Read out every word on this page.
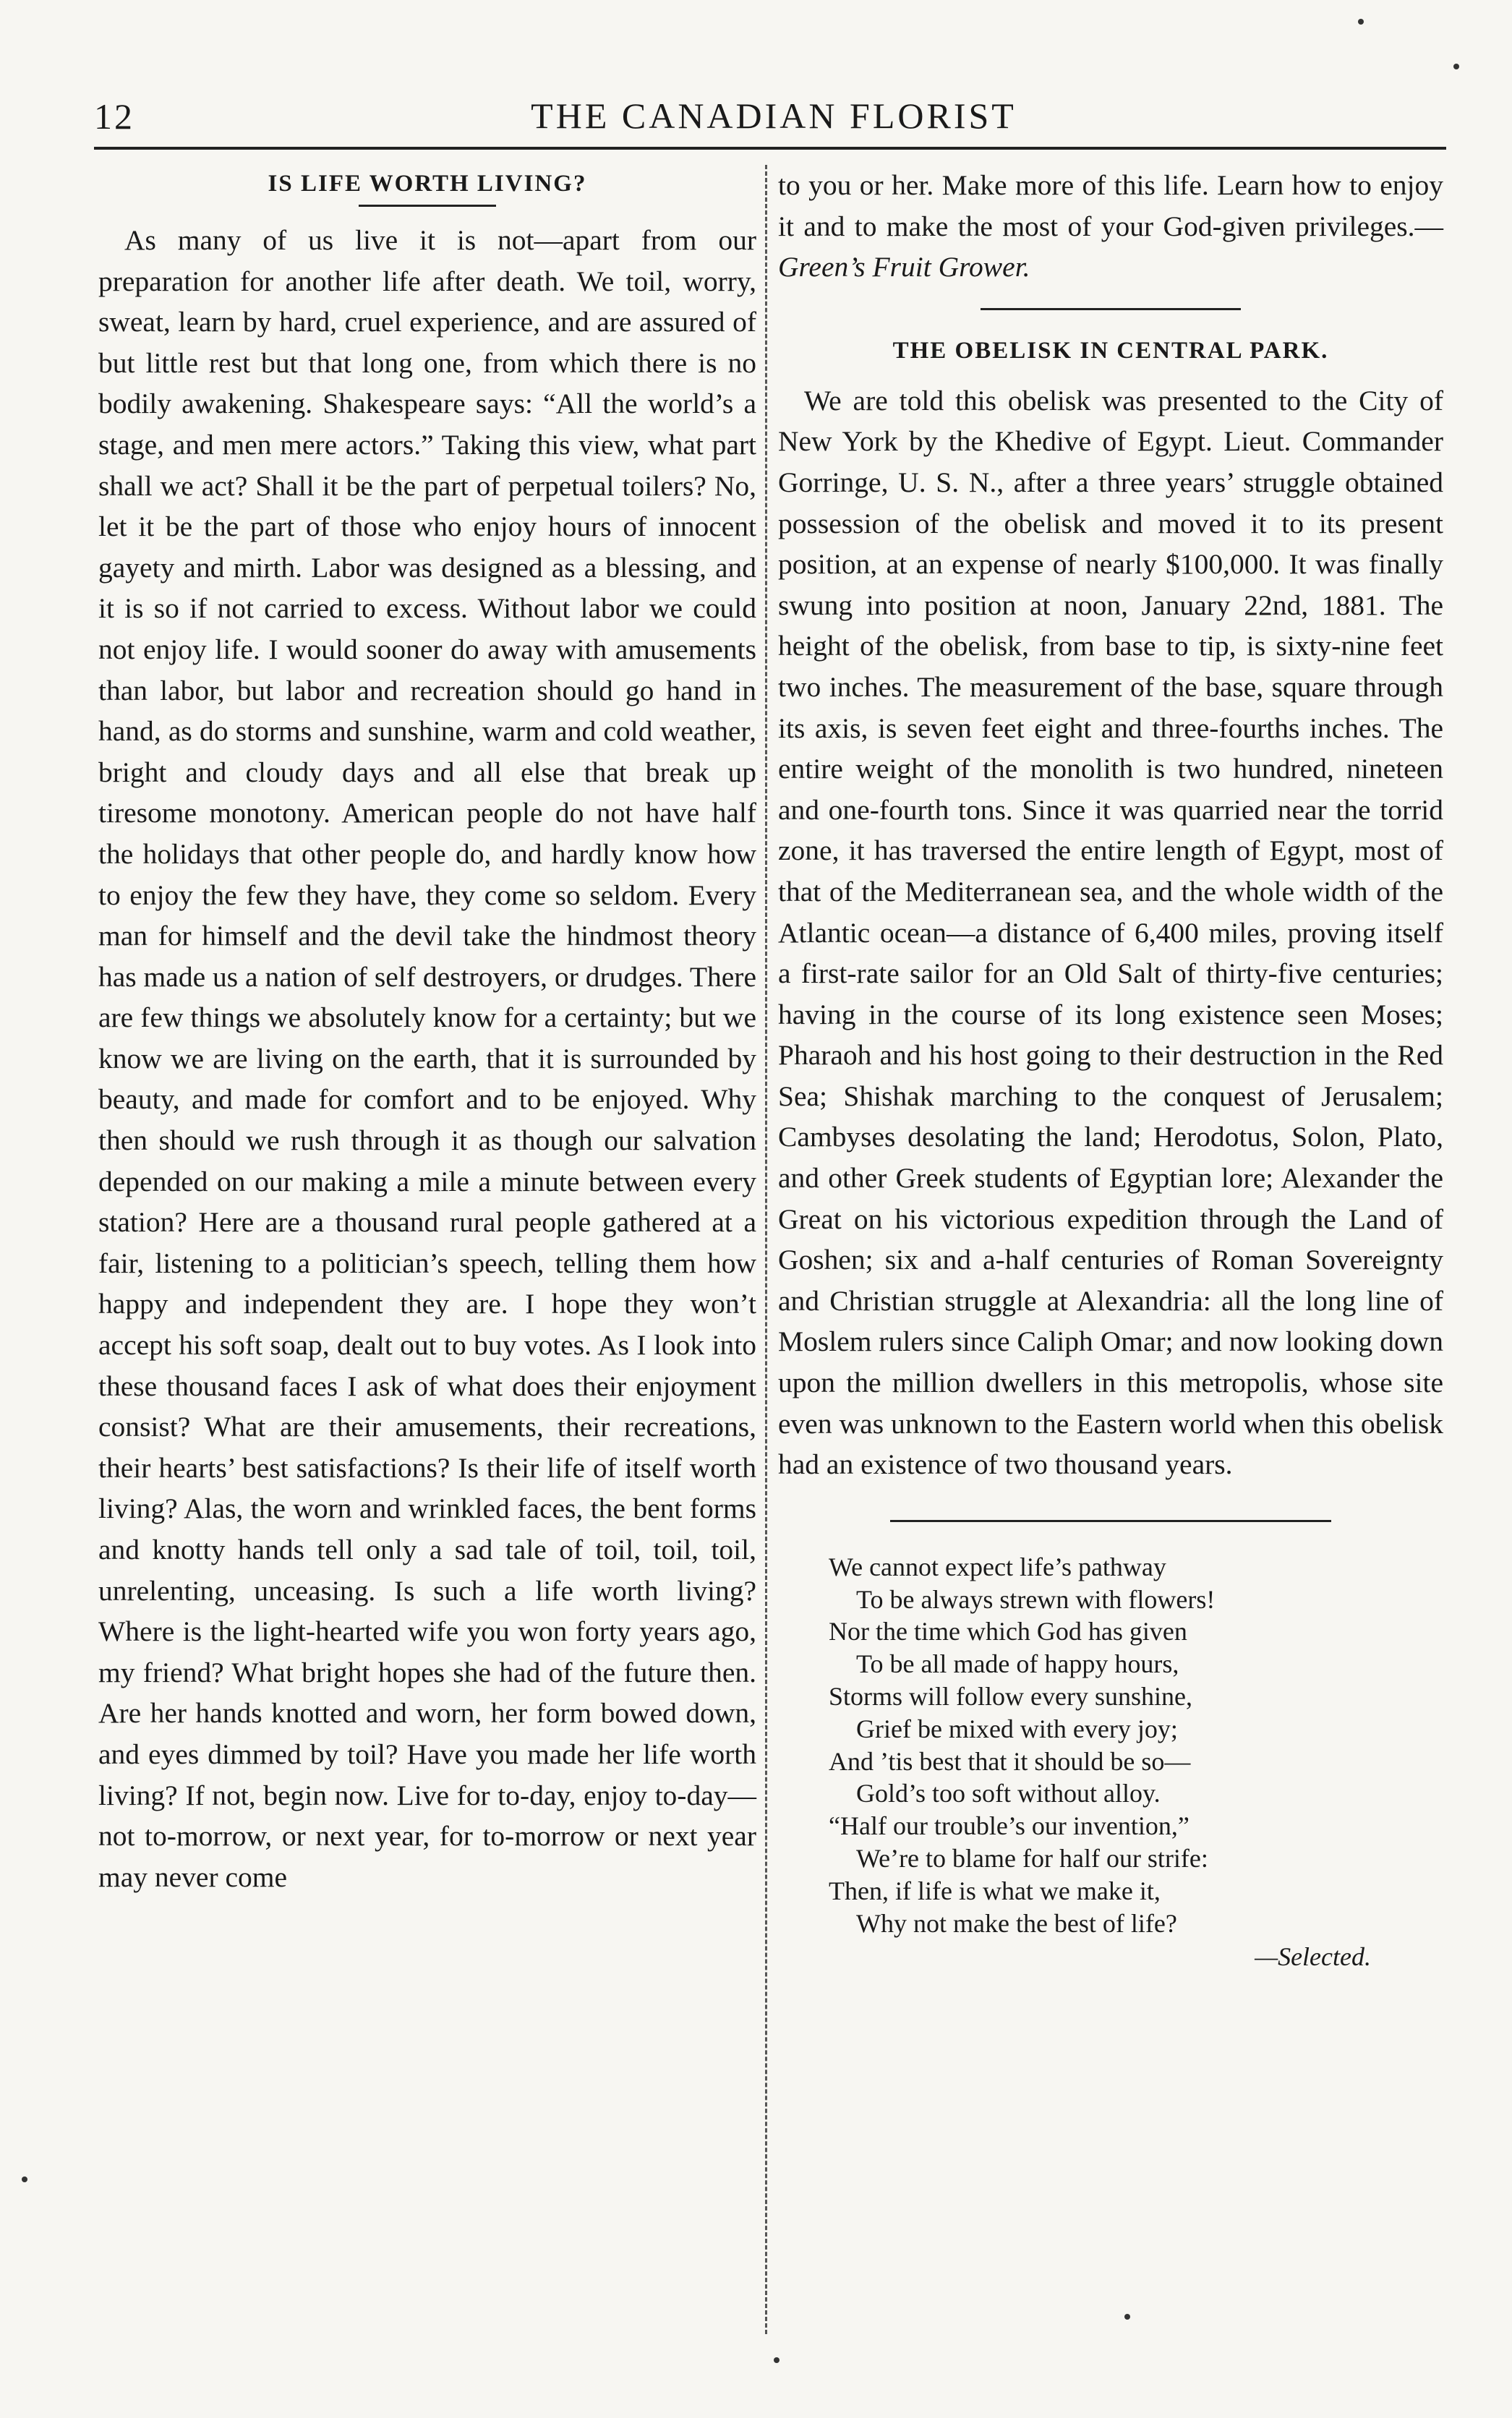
12	THE CANADIAN FLORIST
IS LIFE WORTH LIVING?

As many of us live it is not—apart from our preparation for another life after death. We toil, worry, sweat, learn by hard, cruel experience, and are assured of but little rest but that long one, from which there is no bodily awakening. Shakespeare says: “All the world’s a stage, and men mere actors.” Taking this view, what part shall we act? Shall it be the part of perpetual toilers? No, let it be the part of those who enjoy hours of innocent gayety and mirth. Labor was designed as a blessing, and it is so if not carried to excess. Without labor we could not enjoy life. I would sooner do away with amusements than labor, but labor and recreation should go hand in hand, as do storms and sunshine, warm and cold weather, bright and cloudy days and all else that break up tiresome monotony. American people do not have half the holidays that other people do, and hardly know how to enjoy the few they have, they come so seldom. Every man for himself and the devil take the hindmost theory has made us a nation of self destroyers, or drudges. There are few things we absolutely know for a certainty; but we know we are living on the earth, that it is surrounded by beauty, and made for comfort and to be enjoyed. Why then should we rush through it as though our salvation depended on our making a mile a minute between every station? Here are a thousand rural people gathered at a fair, listening to a politician’s speech, telling them how happy and independent they are. I hope they won’t accept his soft soap, dealt out to buy votes. As I look into these thousand faces I ask of what does their enjoyment consist? What are their amusements, their recreations, their hearts’ best satisfactions? Is their life of itself worth living? Alas, the worn and wrinkled faces, the bent forms and knotty hands tell only a sad tale of toil, toil, toil, unrelenting, unceasing. Is such a life worth living? Where is the light-hearted wife you won forty years ago, my friend? What bright hopes she had of the future then. Are her hands knotted and worn, her form bowed down, and eyes dimmed by toil? Have you made her life worth living? If not, begin now. Live for to-day, enjoy to-day—not to-morrow, or next year, for to-morrow or next year may never come

to you or her. Make more of this life. Learn how to enjoy it and to make the most of your God-given privileges.—Green’s Fruit Grower.

THE OBELISK IN CENTRAL PARK.

We are told this obelisk was presented to the City of New York by the Khedive of Egypt. Lieut. Commander Gorringe, U. S. N., after a three years’ struggle obtained possession of the obelisk and moved it to its present position, at an expense of nearly $100,000. It was finally swung into position at noon, January 22nd, 1881. The height of the obelisk, from base to tip, is sixty-nine feet two inches. The measurement of the base, square through its axis, is seven feet eight and three-fourths inches. The entire weight of the monolith is two hundred, nineteen and one-fourth tons. Since it was quarried near the torrid zone, it has traversed the entire length of Egypt, most of that of the Mediterranean sea, and the whole width of the Atlantic ocean—a distance of 6,400 miles, proving itself a first-rate sailor for an Old Salt of thirty-five centuries; having in the course of its long existence seen Moses; Pharaoh and his host going to their destruction in the Red Sea; Shishak marching to the conquest of Jerusalem; Cambyses desolating the land; Herodotus, Solon, Plato, and other Greek students of Egyptian lore; Alexander the Great on his victorious expedition through the Land of Goshen; six and a-half centuries of Roman Sovereignty and Christian struggle at Alexandria: all the long line of Moslem rulers since Caliph Omar; and now looking down upon the million dwellers in this metropolis, whose site even was unknown to the Eastern world when this obelisk had an existence of two thousand years.

We cannot expect life’s pathway
To be always strewn with flowers!
Nor the time which God has given
To be all made of happy hours,
Storms will follow every sunshine,
Grief be mixed with every joy;
And ’tis best that it should be so—
Gold’s too soft without alloy.
“Half our trouble’s our invention,”
We’re to blame for half our strife:
Then, if life is what we make it,
Why not make the best of life?
—Selected.
